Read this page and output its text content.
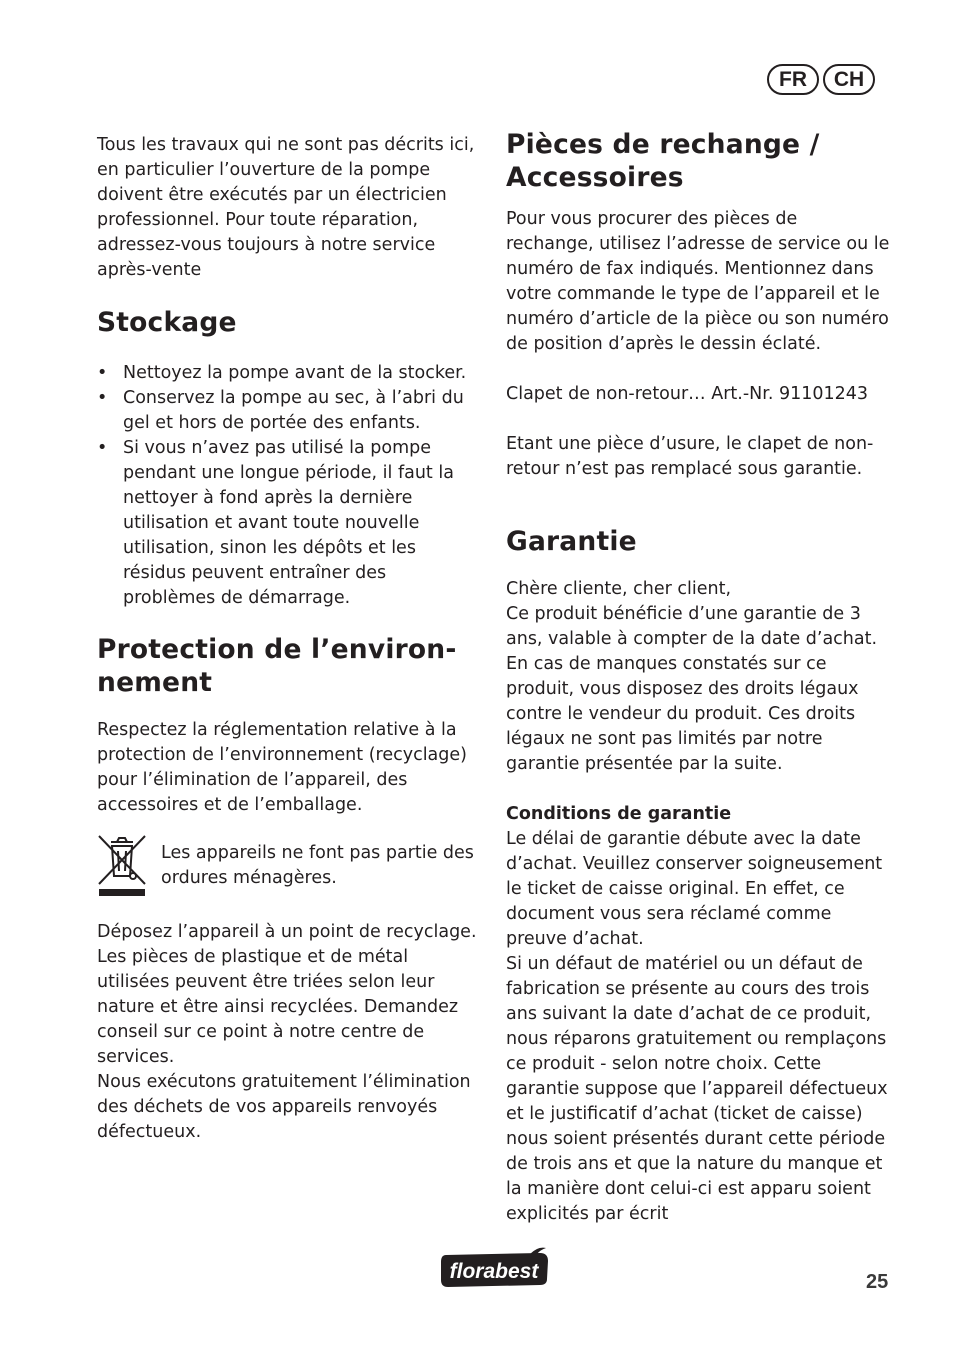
FR	CH

Tous les travaux qui ne sont pas décrits ici, en particulier l’ouverture de la pompe doivent être exécutés par un électricien professionnel. Pour toute réparation, adressez-vous toujours à notre service après-vente

Stockage
• Nettoyez la pompe avant de la stocker.
• Conservez la pompe au sec, à l’abri du gel et hors de portée des enfants.
• Si vous n’avez pas utilisé la pompe pendant une longue période, il faut la nettoyer à fond après la dernière utilisation et avant toute nouvelle utilisation, sinon les dépôts et les résidus peuvent entraîner des problèmes de démarrage.
Protection de l’environ-nement

Respectez la réglementation relative à la protection de l’environnement (recyclage) pour l’élimination de l’appareil, des accessoires et de l’emballage.

Les appareils ne font pas partie des ordures ménagères.

Déposez l’appareil à un point de recyclage. Les pièces de plastique et de métal utilisées peuvent être triées selon leur nature et être ainsi recyclées. Demandez conseil sur ce point à notre centre de services.

Nous exécutons gratuitement l’élimination des déchets de vos appareils renvoyés défectueux.

Pièces de rechange / Accessoires

Pour vous procurer des pièces de rechange, utilisez l’adresse de service ou le numéro de fax indiqués. Mentionnez dans votre commande le type de l’appareil et le numéro d’article de la pièce ou son numéro de position d’après le dessin éclaté.

Clapet de non-retour… Art.-Nr. 91101243

Etant une pièce d’usure, le clapet de non-retour n’est pas remplacé sous garantie.

Garantie

Chère cliente, cher client,

Ce produit bénéficie d’une garantie de 3 ans, valable à compter de la date d’achat. En cas de manques constatés sur ce produit, vous disposez des droits légaux contre le vendeur du produit. Ces droits légaux ne sont pas limités par notre garantie présentée par la suite.

Conditions de garantie

Le délai de garantie débute avec la date d’achat. Veuillez conserver soigneusement le ticket de caisse original. En effet, ce document vous sera réclamé comme preuve d’achat.

Si un défaut de matériel ou un défaut de fabrication se présente au cours des trois ans suivant la date d’achat de ce produit, nous réparons gratuitement ou remplaçons ce produit - selon notre choix. Cette garantie suppose que l’appareil défectueux et le justificatif d’achat (ticket de caisse) nous soient présentés durant cette période de trois ans et que la nature du manque et la manière dont celui-ci est apparu soient explicités par écrit

florabest	25
